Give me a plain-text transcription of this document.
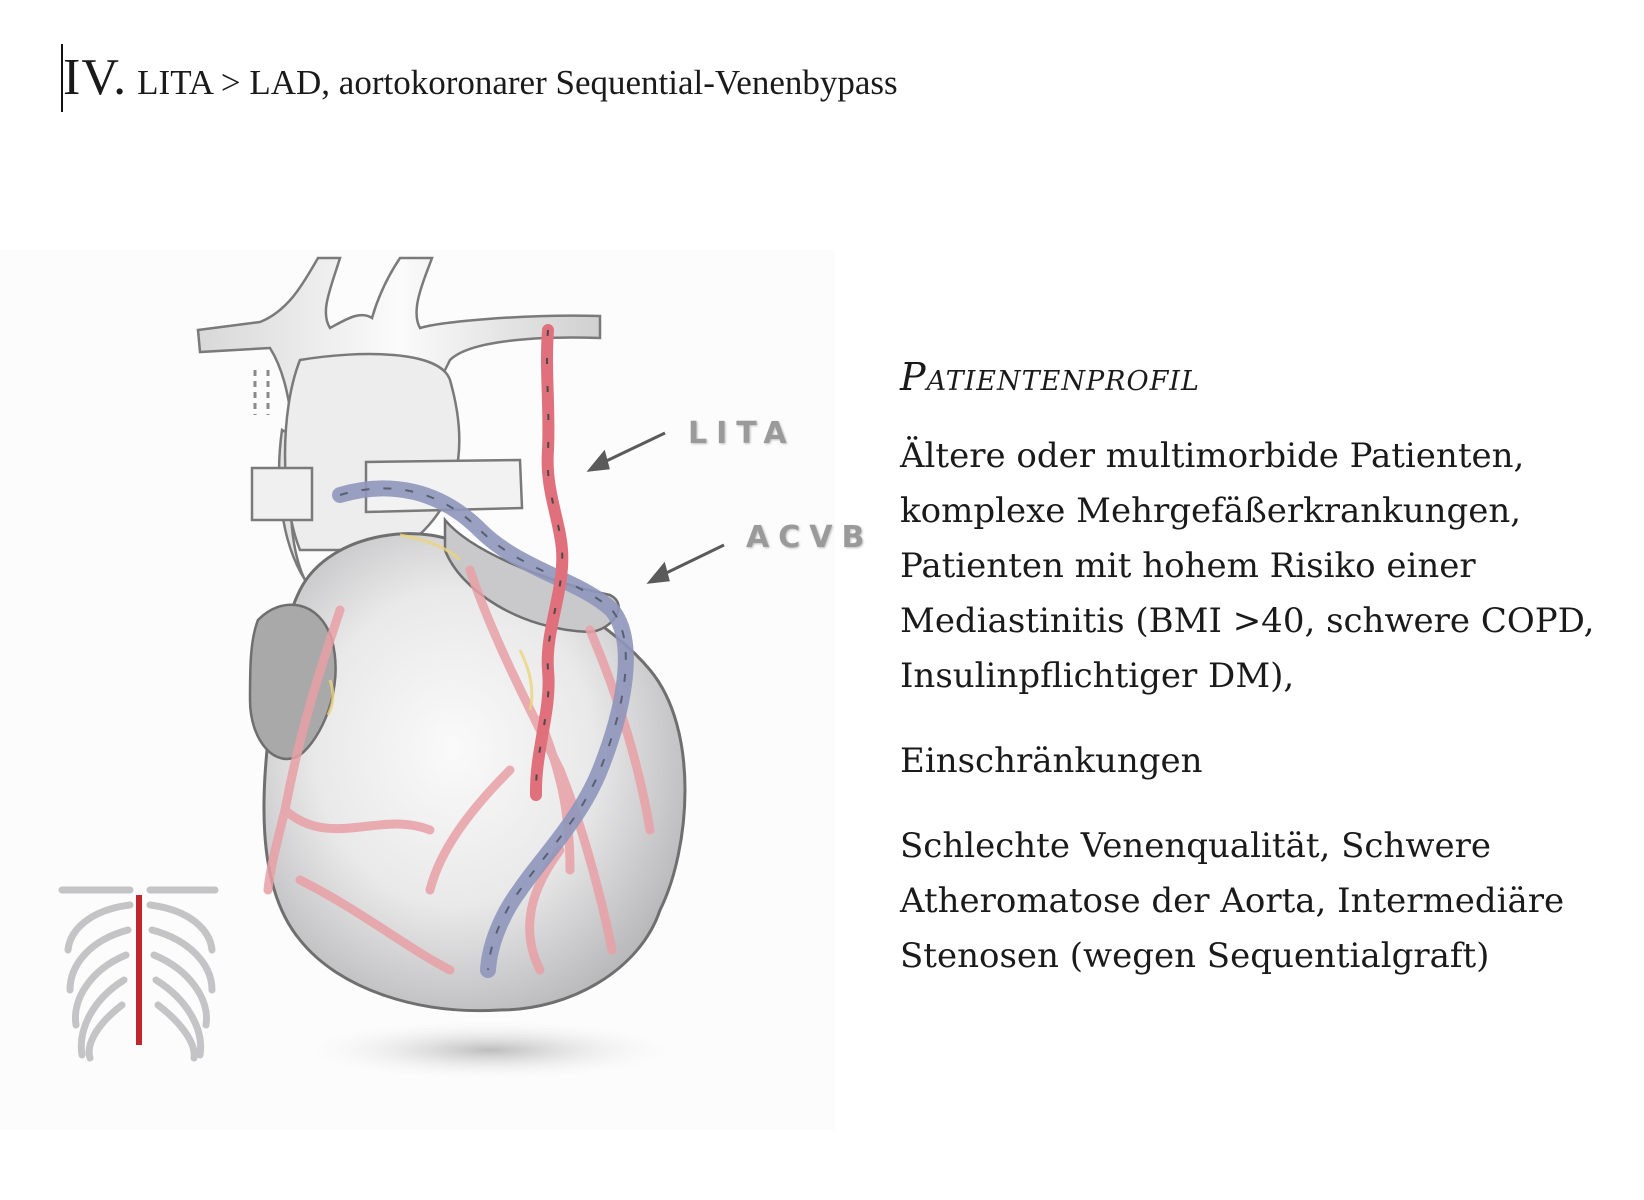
IV. LITA > LAD, aortokoronarer Sequential-Venenbypass
LITA
ACVB
Patientenprofil

Ältere oder multimorbide Patienten, komplexe Mehrgefäßerkrankungen, Patienten mit hohem Risiko einer Mediastinitis (BMI >40, schwere COPD, Insulinpflichtiger DM),

Einschränkungen

Schlechte Venenqualität, Schwere Atheromatose der Aorta, Intermediäre Stenosen (wegen Sequentialgraft)
